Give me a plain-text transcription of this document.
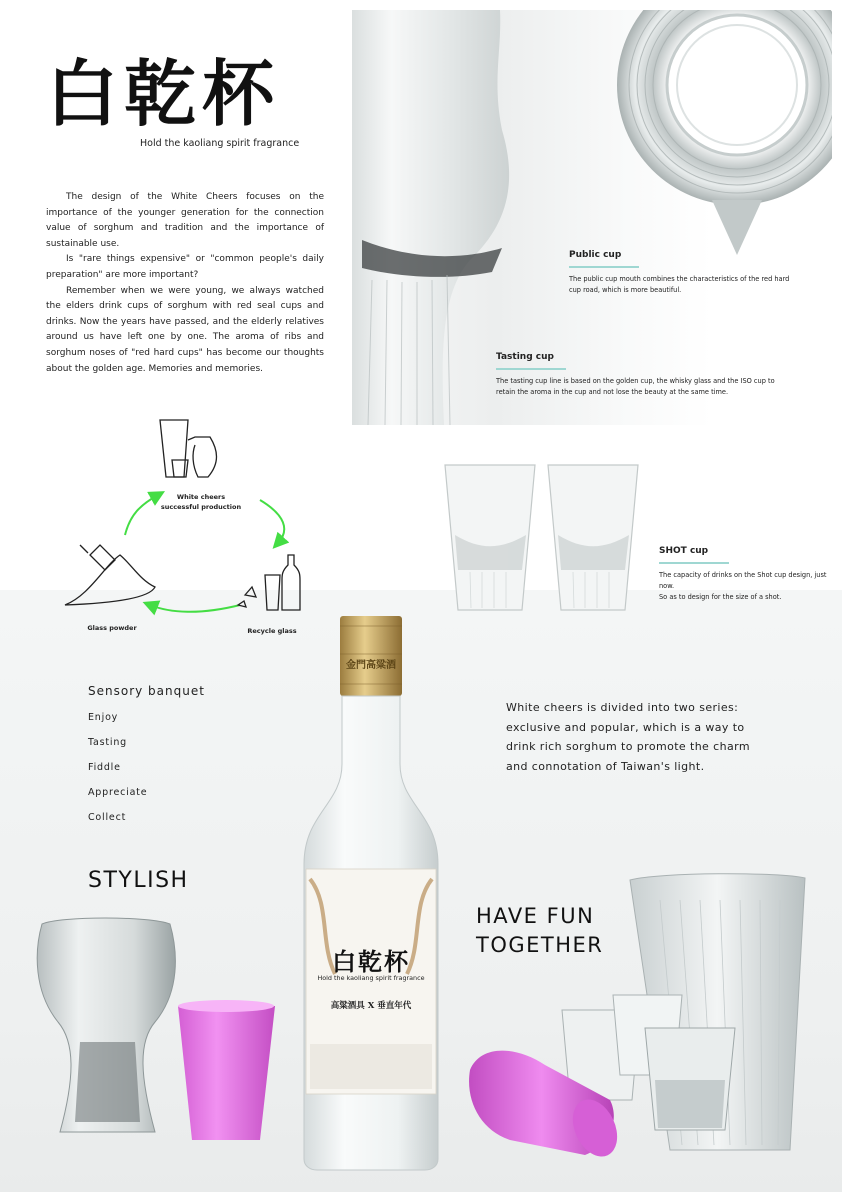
白乾杯
Hold the kaoliang spirit fragrance

The design of the White Cheers focuses on the importance of the younger generation for the connection value of sorghum and tradition and the importance of sustainable use.

Is "rare things expensive" or "common people's daily preparation" are more important?

Remember when we were young, we always watched the elders drink cups of sorghum with red seal cups and drinks. Now the years have passed, and the elderly relatives around us have left one by one. The aroma of ribs and sorghum noses of "red hard cups" has become our thoughts about the golden age. Memories and memories.

Public cup
The public cup mouth combines the characteristics of the red hard cup road, which is more beautiful.
Tasting cup
The tasting cup line is based on the golden cup, the whisky glass and the ISO cup to retain the aroma in the cup and not lose the beauty at the same time.
SHOT cup
The capacity of drinks on the Shot cup design, just now.
So as to design for the size of a shot.
White cheers
successful production
Glass powder	Recycle glass
Sensory banquet
Enjoy
Tasting
Fiddle
Appreciate
Collect
White cheers is divided into two series:
exclusive and popular, which is a way to
drink rich sorghum to promote the charm
and connotation of Taiwan's light.
白乾杯
Hold the kaoliang spirit fragrance
高粱酒具 X 垂直年代
金門高粱酒
STYLISH
HAVE FUN
TOGETHER
